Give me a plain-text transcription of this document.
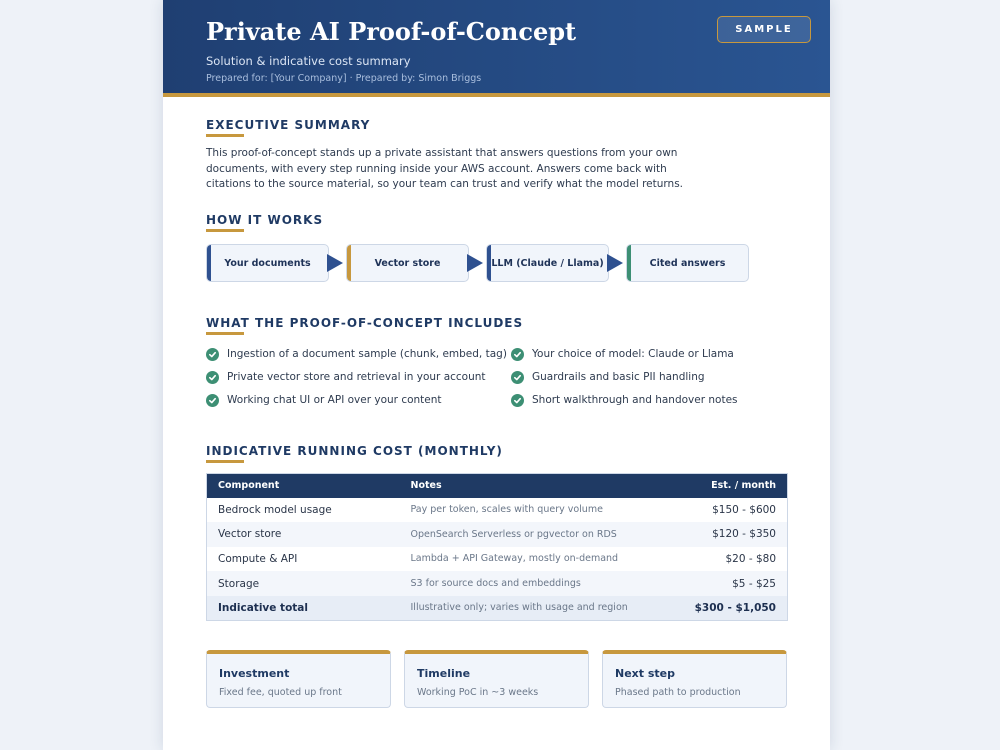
Private AI Proof-of-Concept
Solution & indicative cost summary
Prepared for: [Your Company] · Prepared by: Simon Briggs
SAMPLE
EXECUTIVE SUMMARY
This proof-of-concept stands up a private assistant that answers questions from your own
documents, with every step running inside your AWS account. Answers come back with
citations to the source material, so your team can trust and verify what the model returns.
HOW IT WORKS
Your documents	Vector store	LLM (Claude / Llama)	Cited answers
WHAT THE PROOF-OF-CONCEPT INCLUDES
Ingestion of a document sample (chunk, embed, tag)
Private vector store and retrieval in your account
Working chat UI or API over your content
Your choice of model: Claude or Llama
Guardrails and basic PII handling
Short walkthrough and handover notes
INDICATIVE RUNNING COST (MONTHLY)
Component	Notes	Est. / month
Bedrock model usage	Pay per token, scales with query volume	$150 - $600
Vector store	OpenSearch Serverless or pgvector on RDS	$120 - $350
Compute & API	Lambda + API Gateway, mostly on-demand	$20 - $80
Storage	S3 for source docs and embeddings	$5 - $25
Indicative total	Illustrative only; varies with usage and region	$300 - $1,050
Investment
Fixed fee, quoted up front
Timeline
Working PoC in ~3 weeks
Next step
Phased path to production
